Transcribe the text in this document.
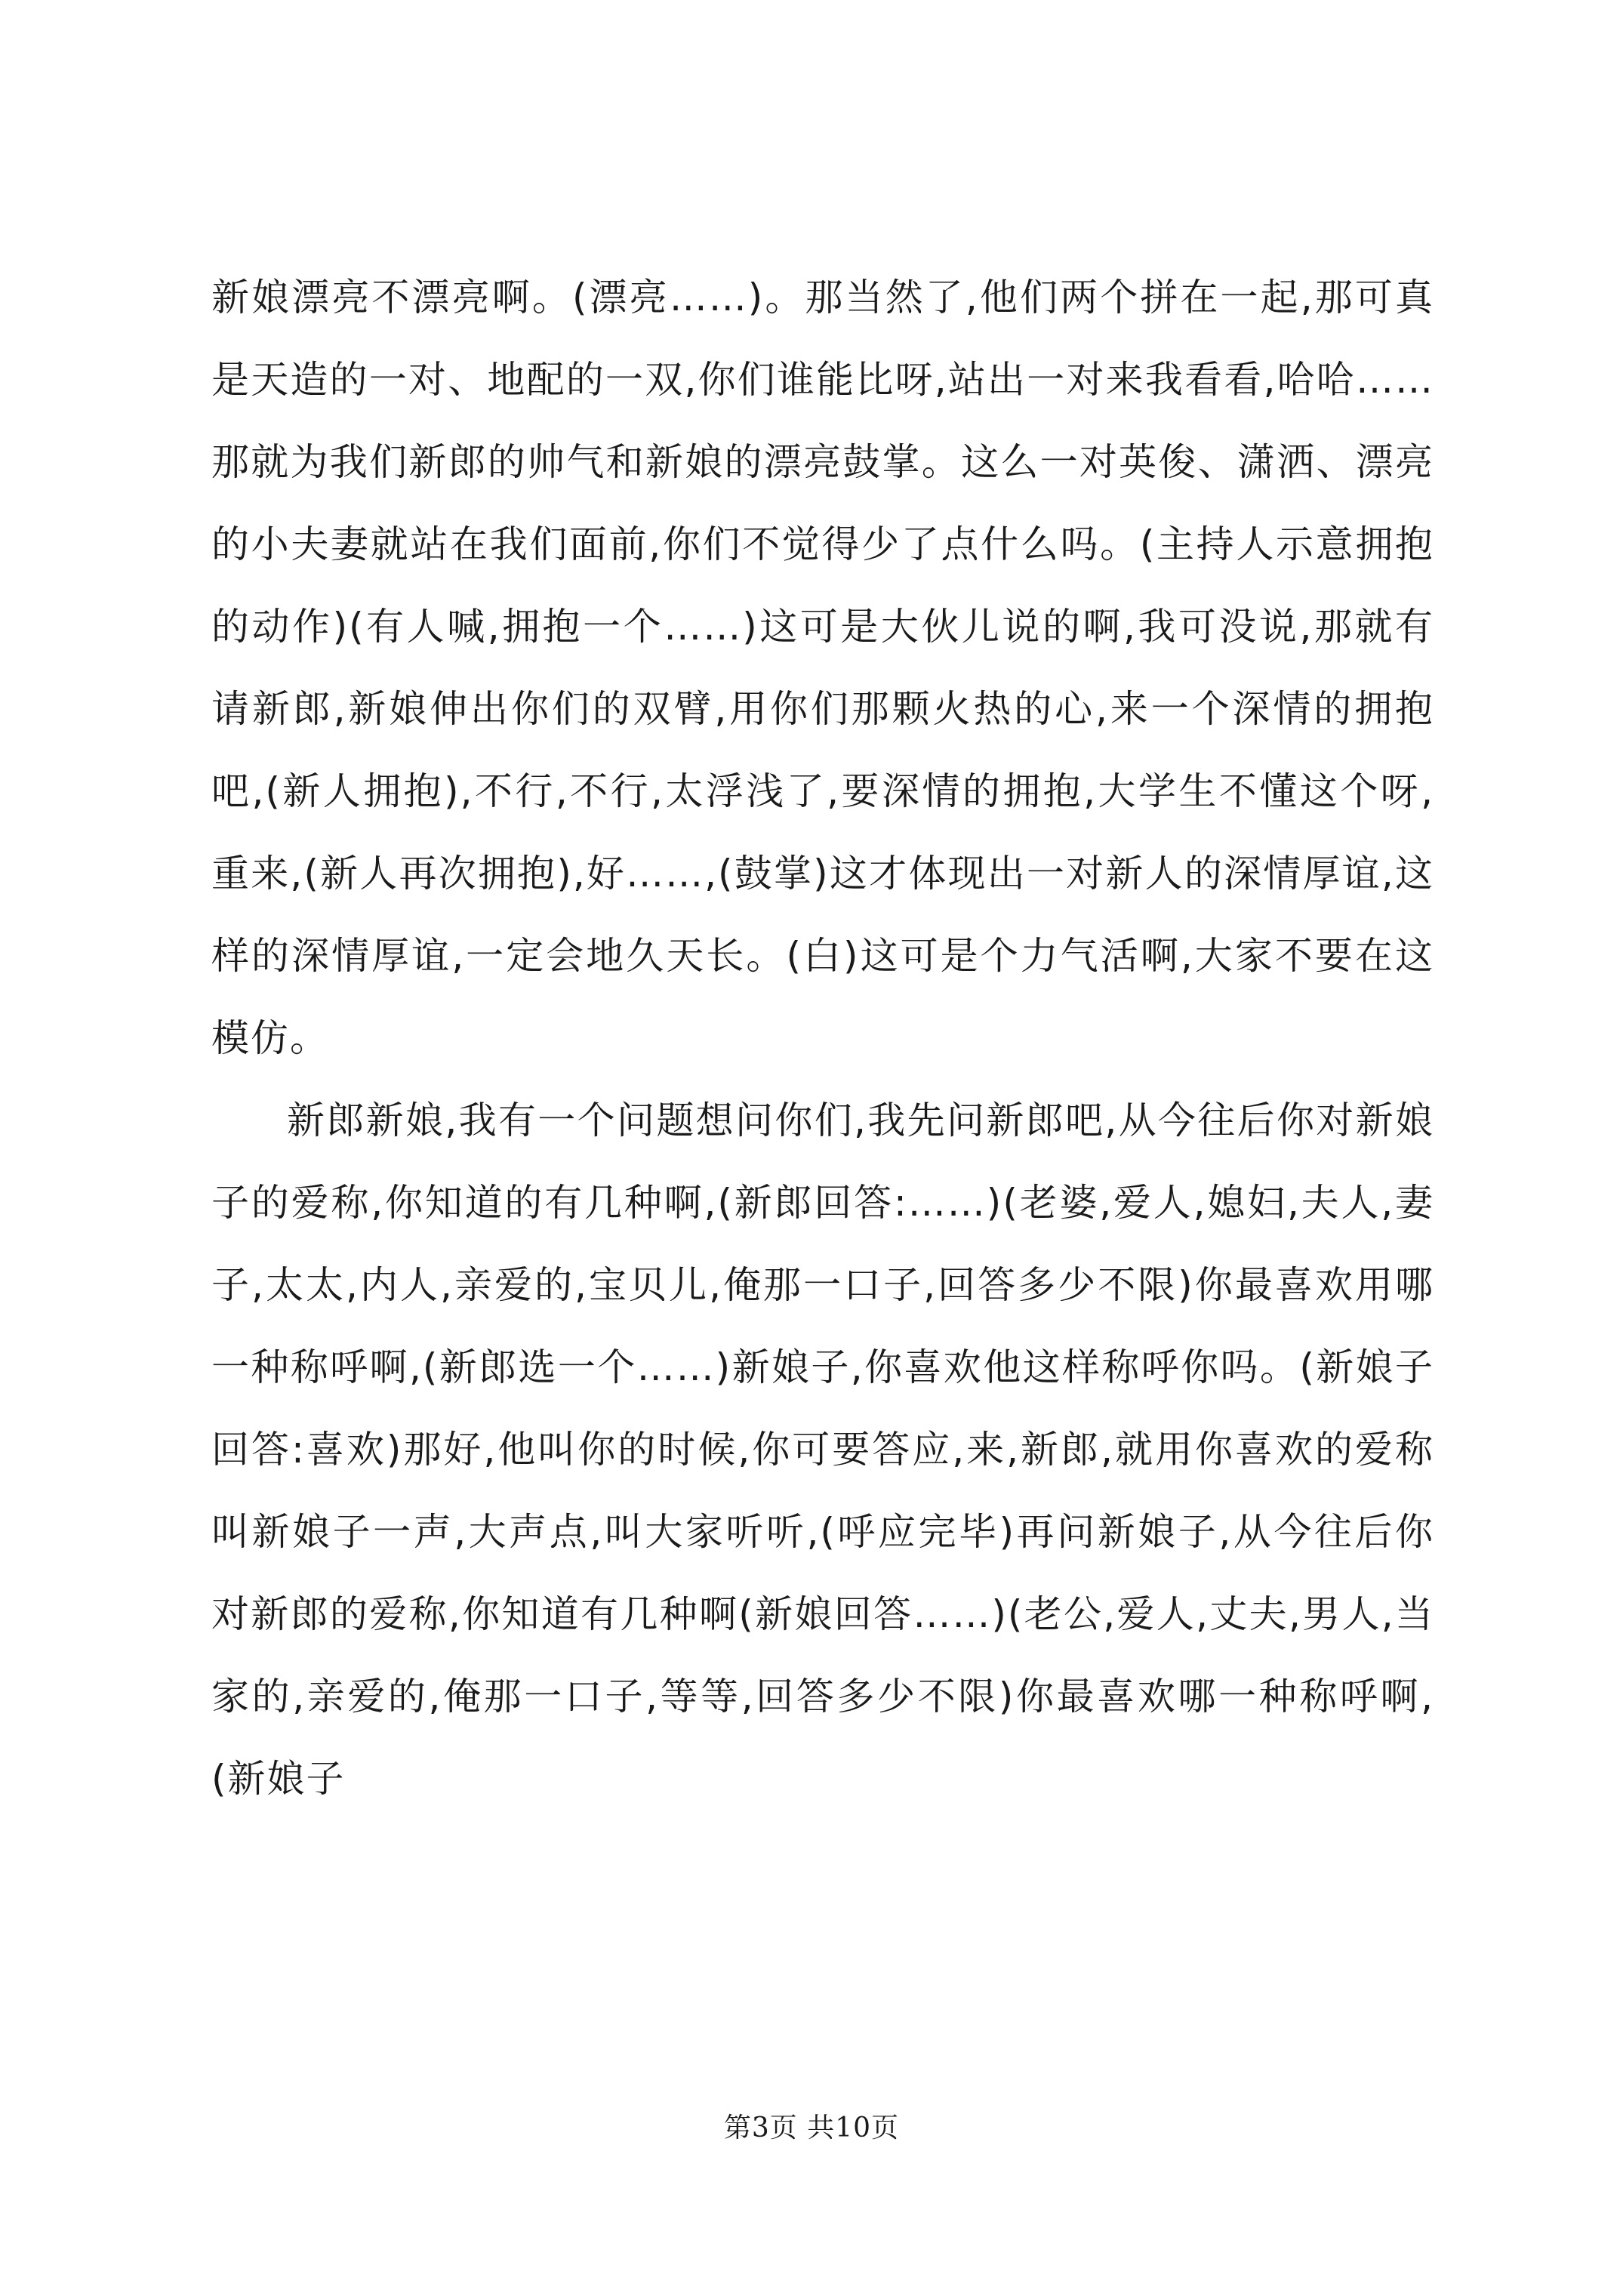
新娘漂亮不漂亮啊。(漂亮……)。那当然了,他们两个拼在一起,那可真是天造的一对、地配的一双,你们谁能比呀,站出一对来我看看,哈哈……那就为我们新郎的帅气和新娘的漂亮鼓掌。这么一对英俊、潇洒、漂亮的小夫妻就站在我们面前,你们不觉得少了点什么吗。(主持人示意拥抱的动作)(有人喊,拥抱一个……)这可是大伙儿说的啊,我可没说,那就有请新郎,新娘伸出你们的双臂,用你们那颗火热的心,来一个深情的拥抱吧,(新人拥抱),不行,不行,太浮浅了,要深情的拥抱,大学生不懂这个呀,重来,(新人再次拥抱),好……,(鼓掌)这才体现出一对新人的深情厚谊,这样的深情厚谊,一定会地久天长。(白)这可是个力气活啊,大家不要在这模仿。

新郎新娘,我有一个问题想问你们,我先问新郎吧,从今往后你对新娘子的爱称,你知道的有几种啊,(新郎回答:……)(老婆,爱人,媳妇,夫人,妻子,太太,内人,亲爱的,宝贝儿,俺那一口子,回答多少不限)你最喜欢用哪一种称呼啊,(新郎选一个……)新娘子,你喜欢他这样称呼你吗。(新娘子回答:喜欢)那好,他叫你的时候,你可要答应,来,新郎,就用你喜欢的爱称叫新娘子一声,大声点,叫大家听听,(呼应完毕)再问新娘子,从今往后你对新郎的爱称,你知道有几种啊(新娘回答……)(老公,爱人,丈夫,男人,当家的,亲爱的,俺那一口子,等等,回答多少不限)你最喜欢哪一种称呼啊,(新娘子

第3页 共10页
